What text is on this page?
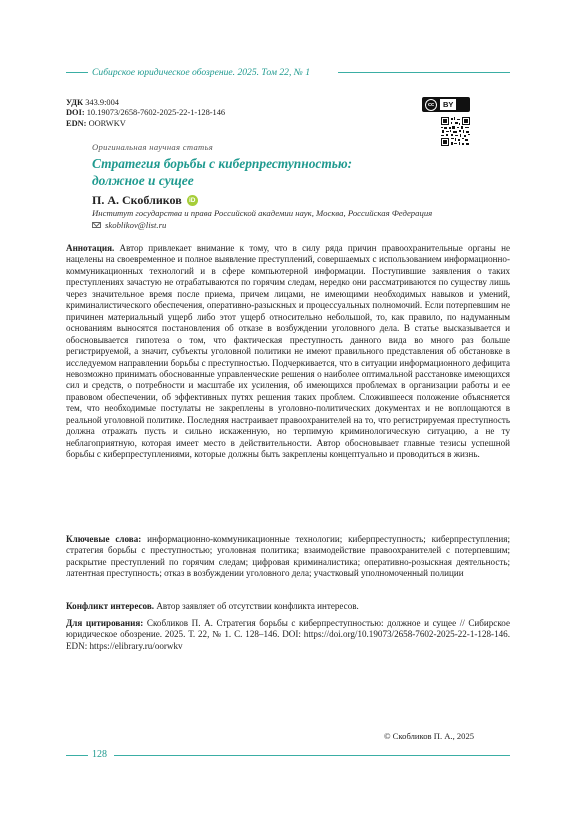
Сибирское юридическое обозрение. 2025. Том 22, № 1
УДК 343.9:004
DOI: 10.19073/2658-7602-2025-22-1-128-146
EDN: OORWKV
cc	BY
Оригинальная научная статья
Стратегия борьбы с киберпреступностью:
должное и сущее
П. А. Скобликов	iD
Институт государства и права Российской академии наук, Москва, Российская Федерация
skoblikov@list.ru
Аннотация. Автор привлекает внимание к тому, что в силу ряда причин правоохранительные органы не нацелены на своевременное и полное выявление преступлений, совершаемых с использованием информационно-коммуникационных технологий и в сфере компьютерной информации. Поступившие заявления о таких преступлениях зачастую не отрабатываются по горячим следам, нередко они рассматриваются по существу лишь через значительное время после приема, причем лицами, не имеющими необходимых навыков и умений, криминалистического обеспечения, оперативно-разыскных и процессуальных полномочий. Если потерпевшим не причинен материальный ущерб либо этот ущерб относительно небольшой, то, как правило, по надуманным основаниям выносятся постановления об отказе в возбуждении уголовного дела. В статье высказывается и обосновывается гипотеза о том, что фактическая преступность данного вида во много раз больше регистрируемой, а значит, субъекты уголовной политики не имеют правильного представления об обстановке в исследуемом направлении борьбы с преступностью. Подчеркивается, что в ситуации информационного дефицита невозможно принимать обоснованные управленческие решения о наиболее оптимальной расстановке имеющихся сил и средств, о потребности и масштабе их усиления, об имеющихся проблемах в организации работы и ее правовом обеспечении, об эффективных путях решения таких проблем. Сложившееся положение объясняется тем, что необходимые постулаты не закреплены в уголовно-политических документах и не воплощаются в реальной уголовной политике. Последняя настраивает правоохранителей на то, что регистрируемая преступность должна отражать пусть и сильно искаженную, но терпимую криминологическую ситуацию, а не ту неблагоприятную, которая имеет место в действительности. Автор обосновывает главные тезисы успешной борьбы с киберпреступлениями, которые должны быть закреплены концептуально и проводиться в жизнь.
Ключевые слова: информационно-коммуникационные технологии; киберпреступность; киберпреступления; стратегия борьбы с преступностью; уголовная политика; взаимодействие правоохранителей с потерпевшим; раскрытие преступлений по горячим следам; цифровая криминалистика; оперативно-розыскная деятельность; латентная преступность; отказ в возбуждении уголовного дела; участковый уполномоченный полиции
Конфликт интересов. Автор заявляет об отсутствии конфликта интересов.
Для цитирования: Скобликов П. А. Стратегия борьбы с киберпреступностью: должное и сущее // Сибирское юридическое обозрение. 2025. Т. 22, № 1. С. 128–146. DOI: https://doi.org/10.19073/2658-7602-2025-22-1-128-146. EDN: https://elibrary.ru/oorwkv
© Скобликов П. А., 2025
128
